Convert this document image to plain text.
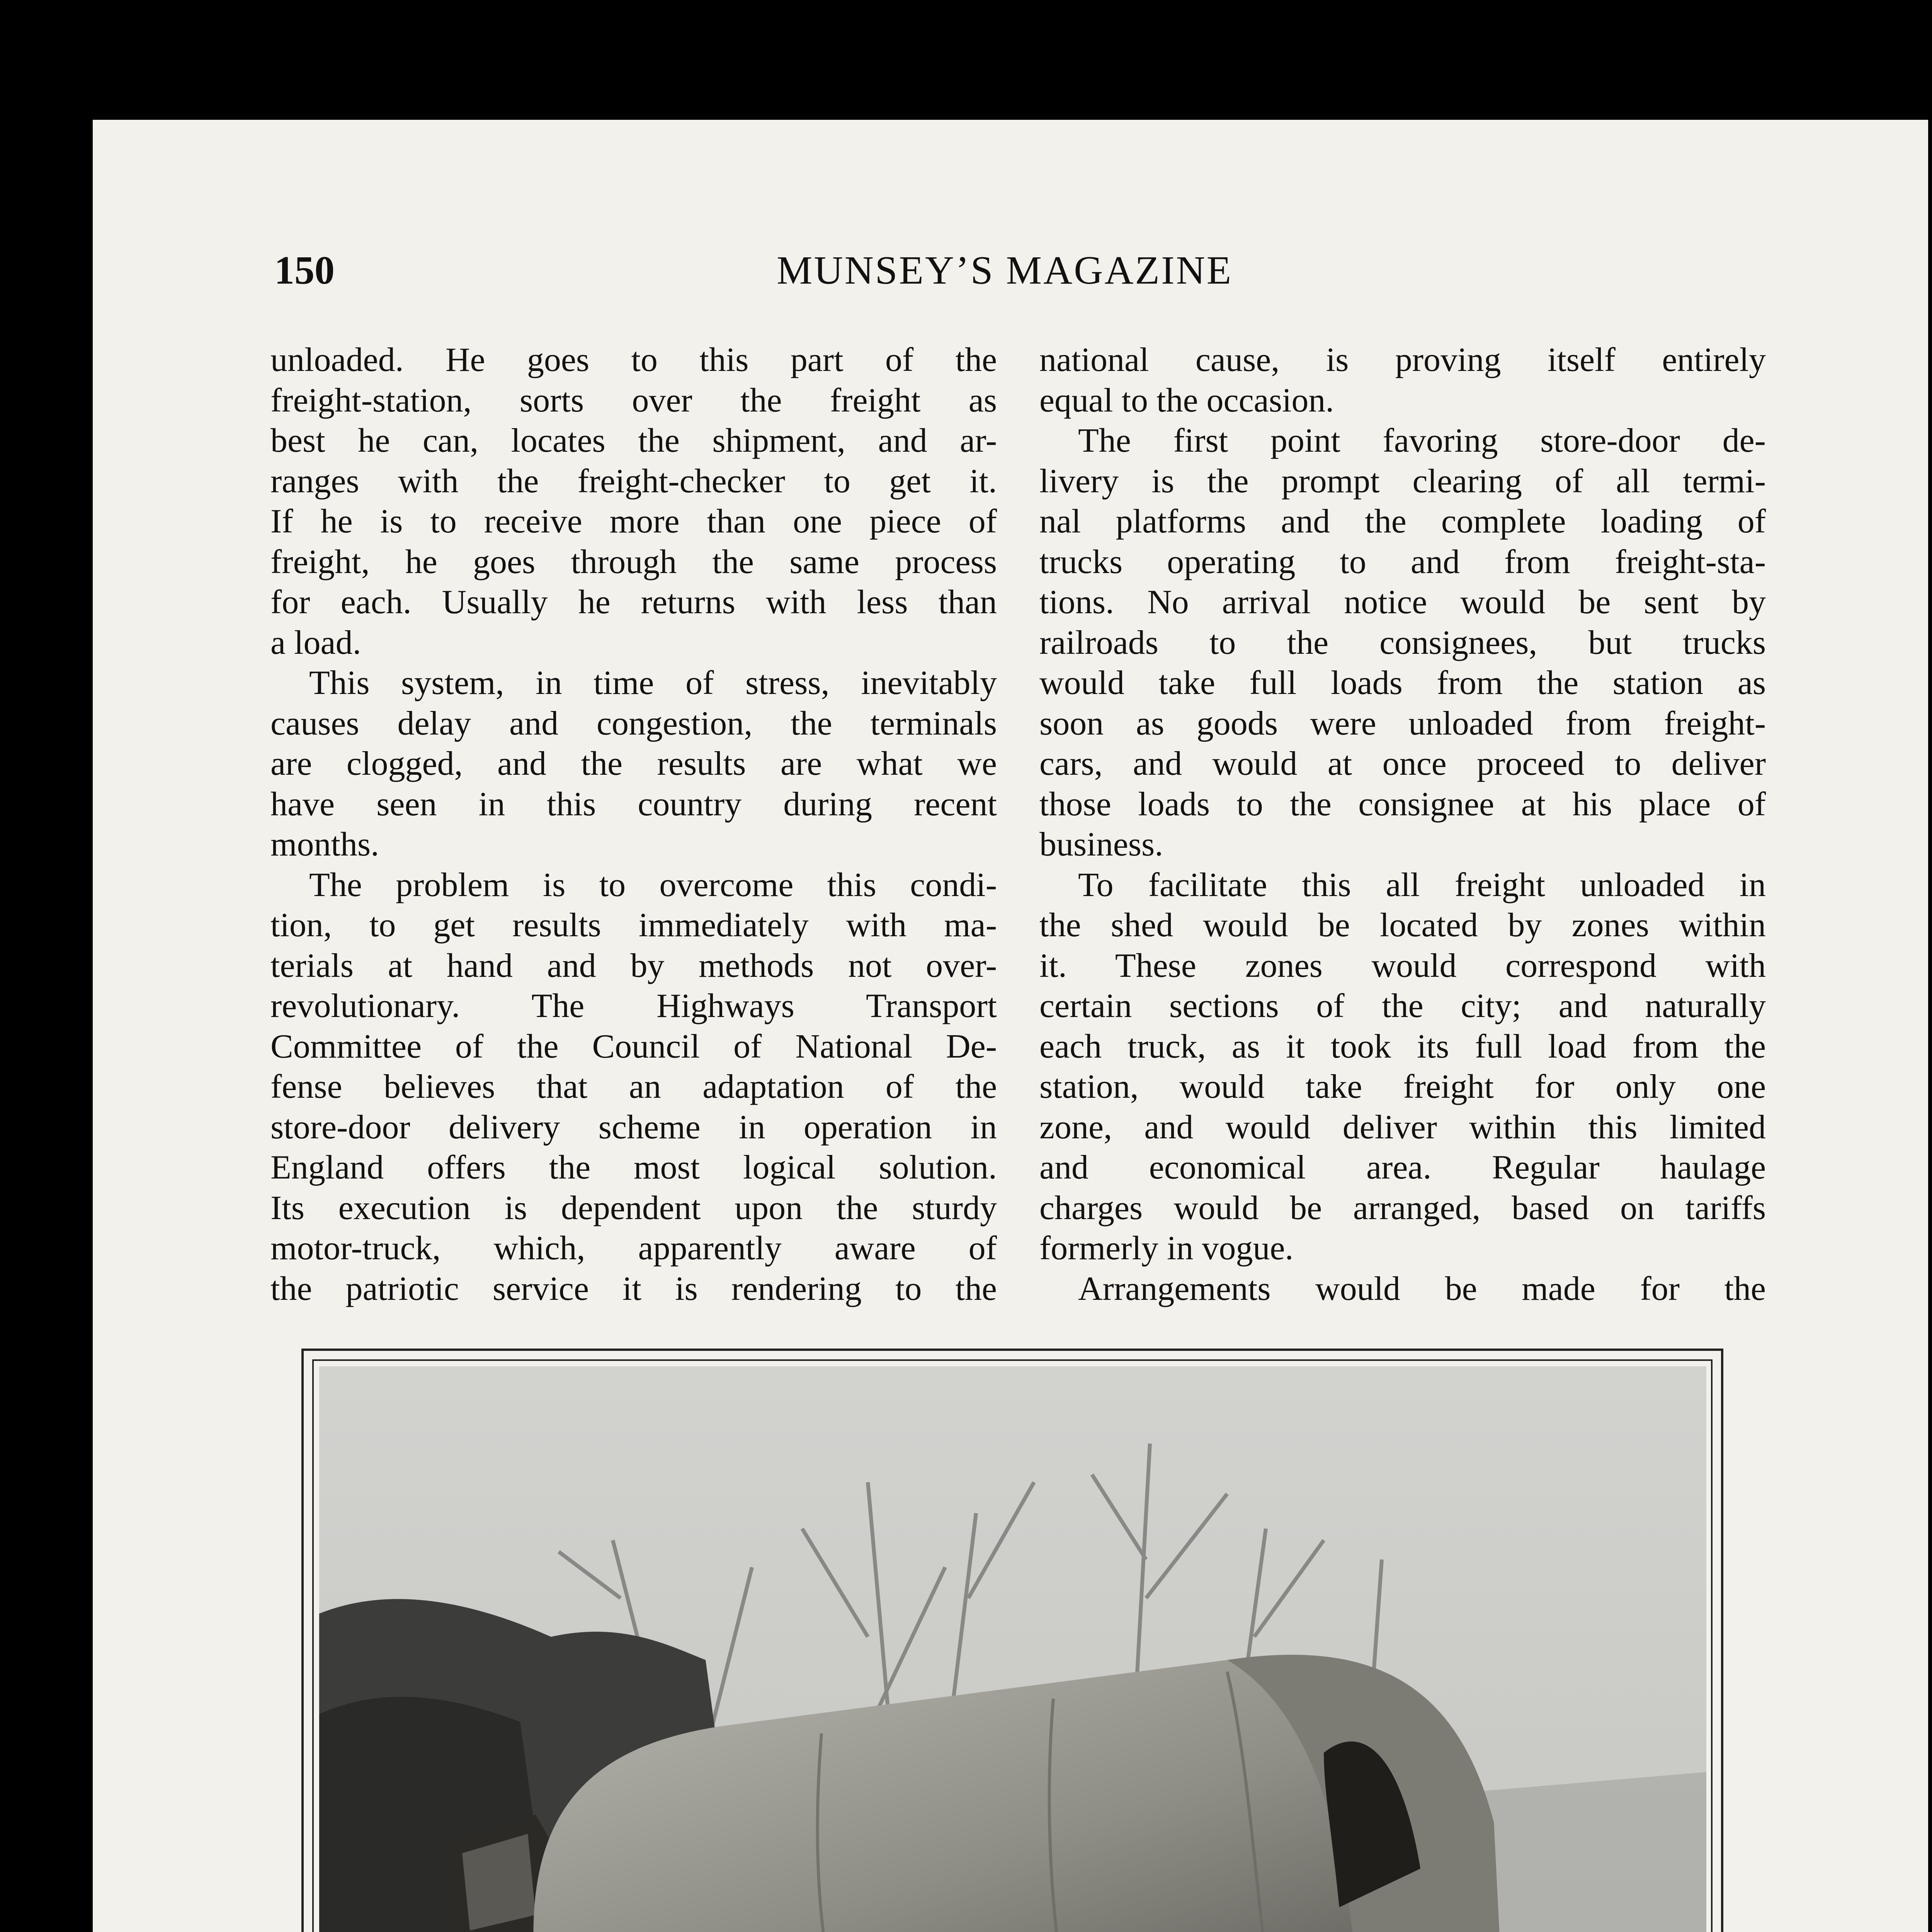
150	MUNSEY’S MAGAZINE
unloaded. He goes to this part of the
freight-station, sorts over the freight as
best he can, locates the shipment, and ar-
ranges with the freight-checker to get it.
If he is to receive more than one piece of
freight, he goes through the same process
for each. Usually he returns with less than
a load.
This system, in time of stress, inevitably
causes delay and congestion, the terminals
are clogged, and the results are what we
have seen in this country during recent
months.
The problem is to overcome this condi-
tion, to get results immediately with ma-
terials at hand and by methods not over-
revolutionary. The Highways Transport
Committee of the Council of National De-
fense believes that an adaptation of the
store-door delivery scheme in operation in
England offers the most logical solution.
Its execution is dependent upon the sturdy
motor-truck, which, apparently aware of
the patriotic service it is rendering to the
national cause, is proving itself entirely
equal to the occasion.
The first point favoring store-door de-
livery is the prompt clearing of all termi-
nal platforms and the complete loading of
trucks operating to and from freight-sta-
tions. No arrival notice would be sent by
railroads to the consignees, but trucks
would take full loads from the station as
soon as goods were unloaded from freight-
cars, and would at once proceed to deliver
those loads to the consignee at his place of
business.
To facilitate this all freight unloaded in
the shed would be located by zones within
it. These zones would correspond with
certain sections of the city; and naturally
each truck, as it took its full load from the
station, would take freight for only one
zone, and would deliver within this limited
and economical area. Regular haulage
charges would be arranged, based on tariffs
formerly in vogue.
Arrangements would be made for the
